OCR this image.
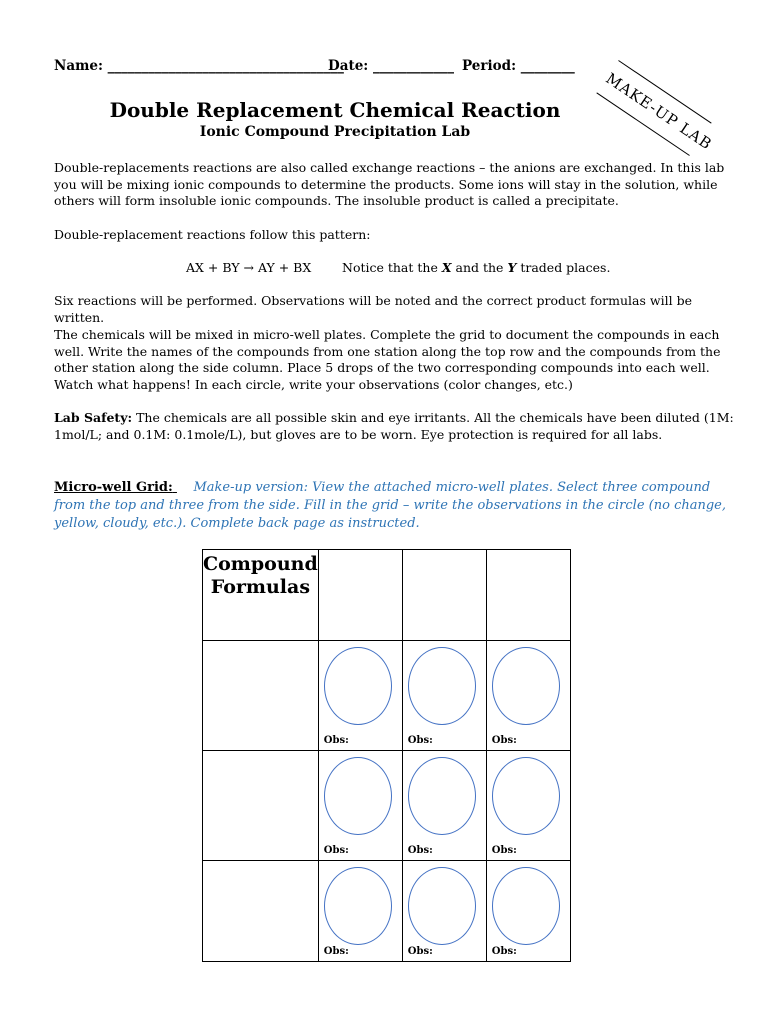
Name: ___________________________________
Date: ____________ Period: ________
MAKE-UP LAB
Double Replacement Chemical Reaction
Ionic Compound Precipitation Lab

Double-replacements reactions are also called exchange reactions – the anions are exchanged. In this lab you will be mixing ionic compounds to determine the products. Some ions will stay in the solution, while others will form insoluble ionic compounds. The insoluble product is called a precipitate.

Double-replacement reactions follow this pattern:
AX + BY → AY + BX Notice that the X and the Y traded places.
Six reactions will be performed. Observations will be noted and the correct product formulas will be written.
The chemicals will be mixed in micro-well plates. Complete the grid to document the compounds in each well. Write the names of the compounds from one station along the top row and the compounds from the other station along the side column. Place 5 drops of the two corresponding compounds into each well. Watch what happens! In each circle, write your observations (color changes, etc.)
Lab Safety: The chemicals are all possible skin and eye irritants. All the chemicals have been diluted (1M: 1mol/L; and 0.1M: 0.1mole/L), but gloves are to be worn. Eye protection is required for all labs.
Micro-well Grid: Make-up version: View the attached micro-well plates. Select three compound from the top and three from the side. Fill in the grid – write the observations in the circle (no change, yellow, cloudy, etc.). Complete back page as instructed.
Compound
Formulas			

	Obs:	Obs:	Obs:

	Obs:	Obs:	Obs:

	Obs:	Obs:	Obs:
